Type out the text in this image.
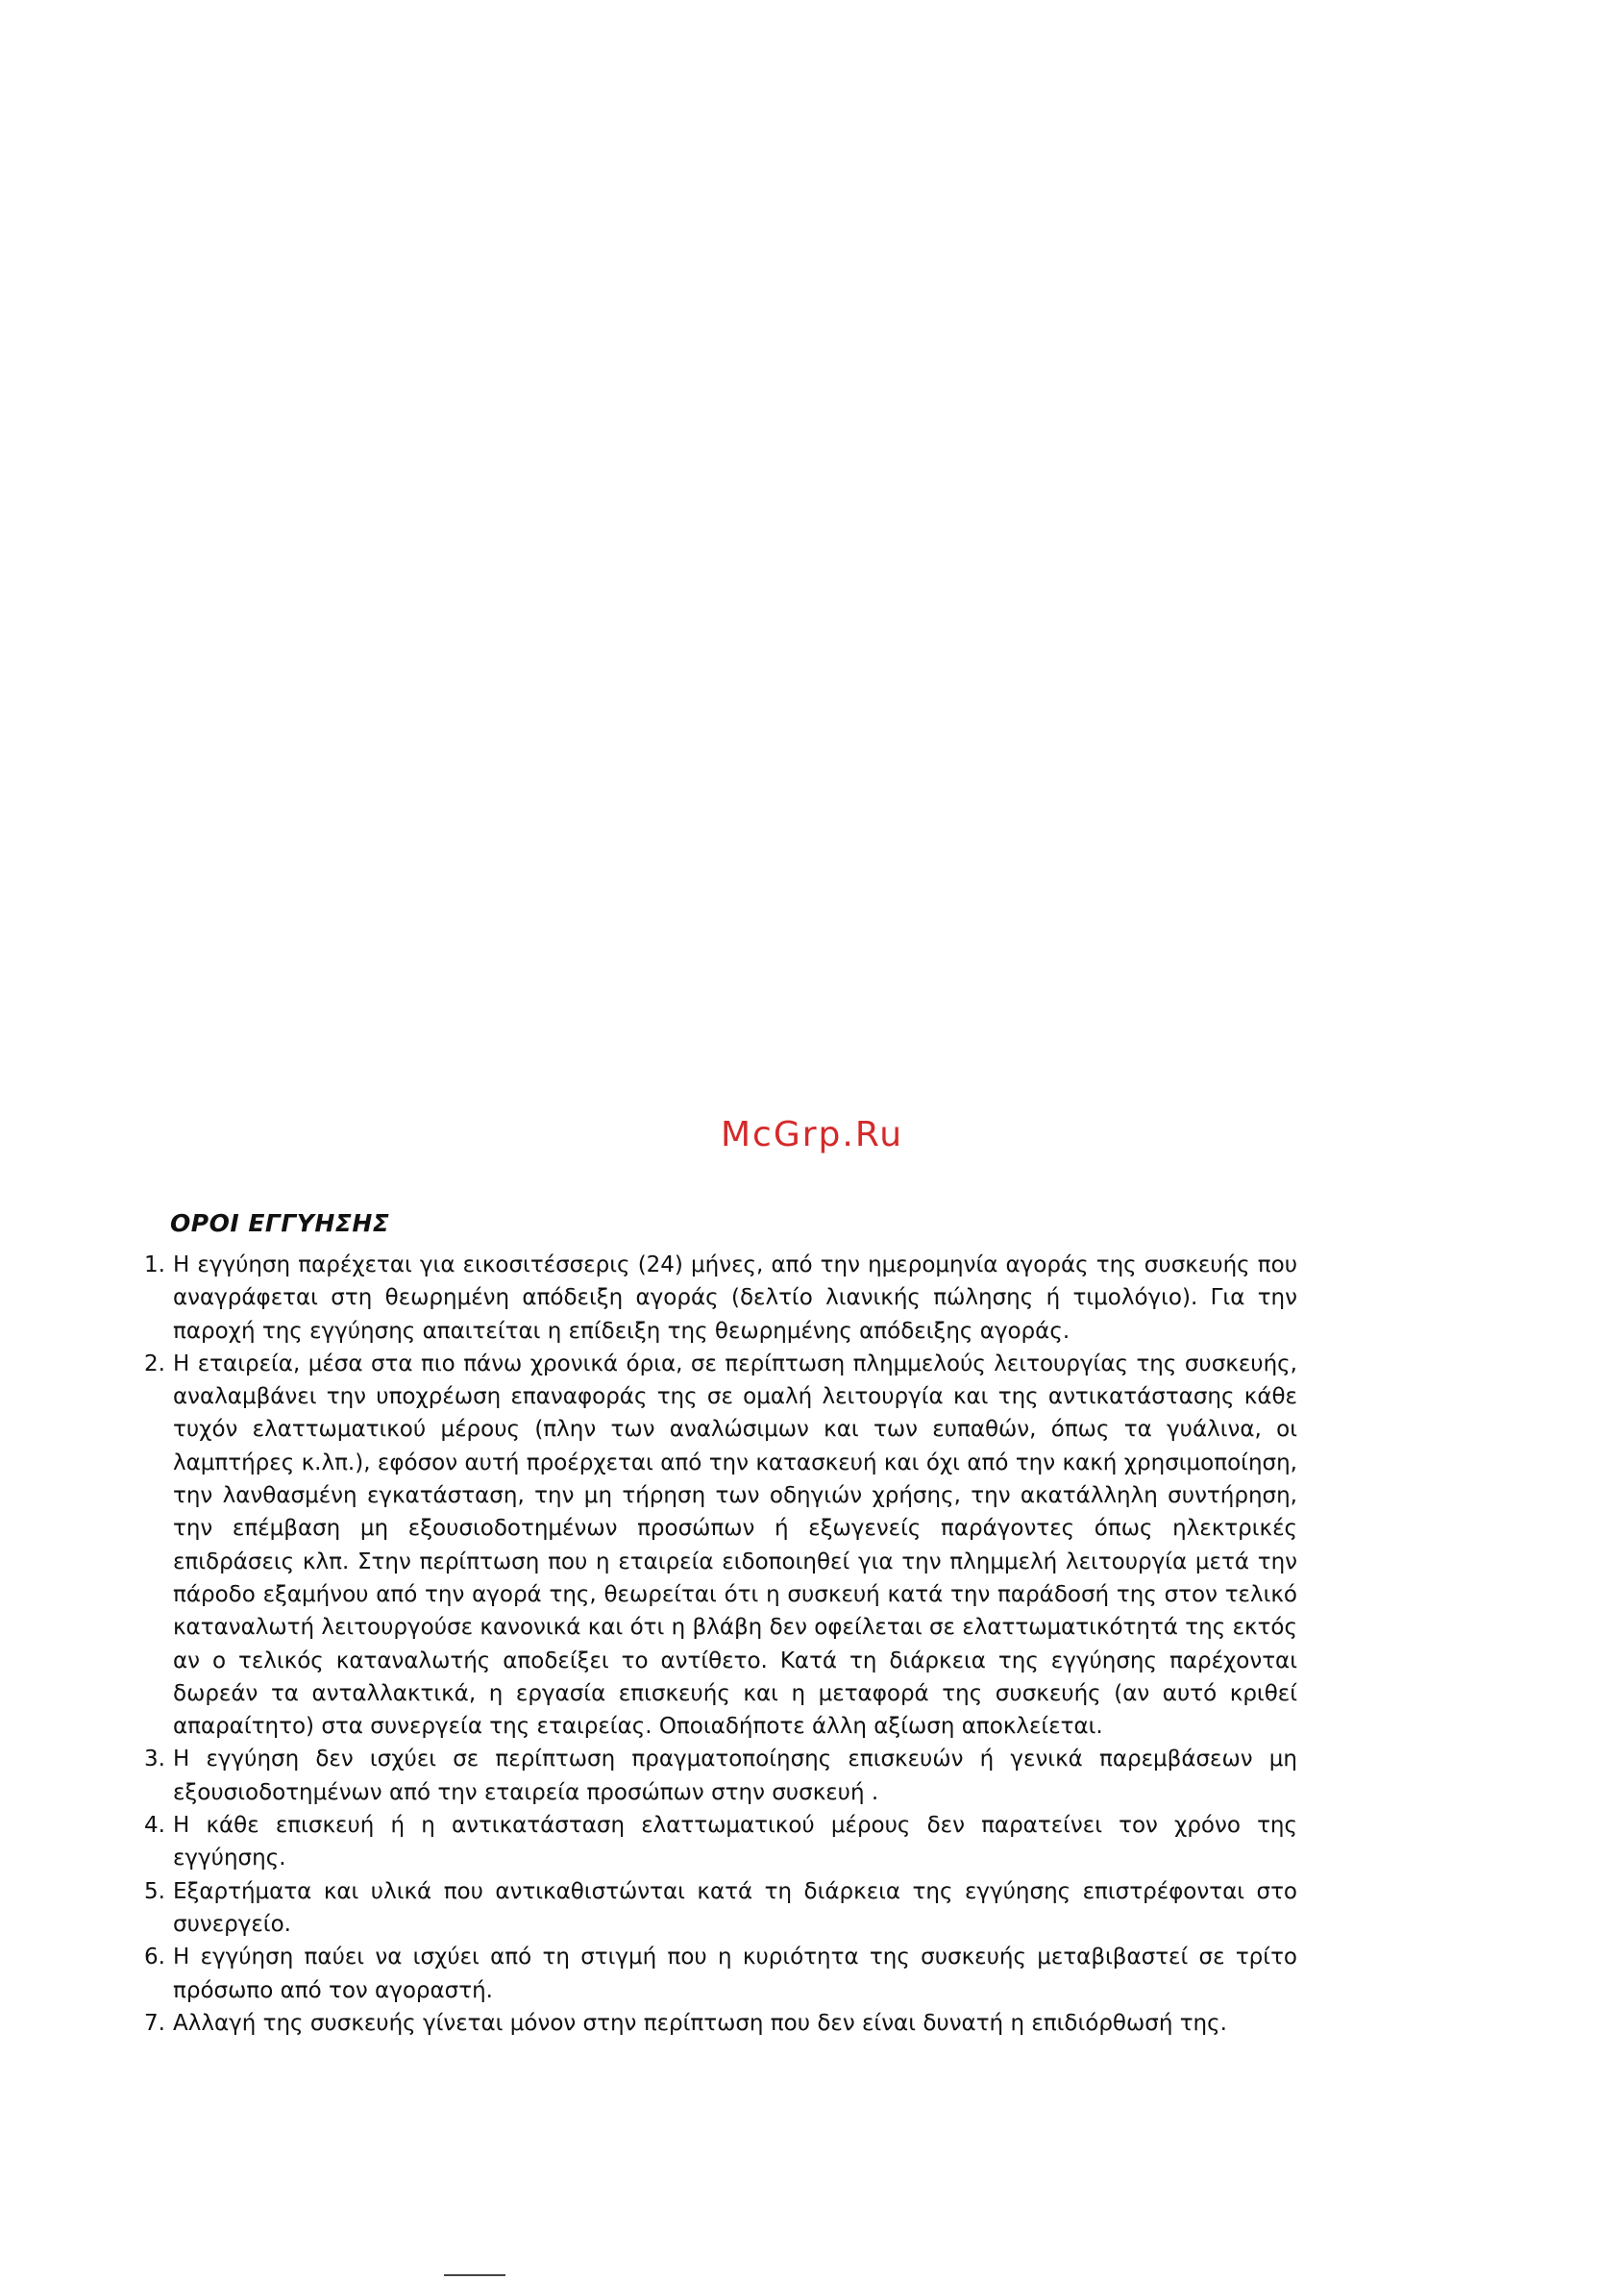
McGrp.Ru
ΟΡΟΙ ΕΓΓΥΗΣΗΣ
1. Η εγγύηση παρέχεται για εικοσιτέσσερις (24) μήνες, από την ημερομηνία αγοράς της συσκευής που αναγράφεται στη θεωρημένη απόδειξη αγοράς (δελτίο λιανικής πώλησης ή τιμολόγιο). Για την παροχή της εγγύησης απαιτείται η επίδειξη της θεωρημένης απόδειξης αγοράς.
2. Η εταιρεία, μέσα στα πιο πάνω χρονικά όρια, σε περίπτωση πλημμελούς λειτουργίας της συσκευής, αναλαμβάνει την υποχρέωση επαναφοράς της σε ομαλή λειτουργία και της αντικατάστασης κάθε τυχόν ελαττωματικού μέρους (πλην των αναλώσιμων και των ευπαθών, όπως τα γυάλινα, οι λαμπτήρες κ.λπ.), εφόσον αυτή προέρχεται από την κατασκευή και όχι από την κακή χρησιμοποίηση, την λανθασμένη εγκατάσταση, την μη τήρηση των οδηγιών χρήσης, την ακατάλληλη συντήρηση, την επέμβαση μη εξουσιοδοτημένων προσώπων ή εξωγενείς παράγοντες όπως ηλεκτρικές επιδράσεις κλπ. Στην περίπτωση που η εταιρεία ειδοποιηθεί για την πλημμελή λειτουργία μετά την πάροδο εξαμήνου από την αγορά της, θεωρείται ότι η συσκευή κατά την παράδοσή της στον τελικό καταναλωτή λειτουργούσε κανονικά και ότι η βλάβη δεν οφείλεται σε ελαττωματικότητά της εκτός αν ο τελικός καταναλωτής αποδείξει το αντίθετο. Κατά τη διάρκεια της εγγύησης παρέχονται δωρεάν τα ανταλλακτικά, η εργασία επισκευής και η μεταφορά της συσκευής (αν αυτό κριθεί απαραίτητο) στα συνεργεία της εταιρείας. Οποιαδήποτε άλλη αξίωση αποκλείεται.
3. Η εγγύηση δεν ισχύει σε περίπτωση πραγματοποίησης επισκευών ή γενικά παρεμβάσεων μη εξουσιοδοτημένων από την εταιρεία προσώπων στην συσκευή .
4. Η κάθε επισκευή ή η αντικατάσταση ελαττωματικού μέρους δεν παρατείνει τον χρόνο της εγγύησης.
5. Εξαρτήματα και υλικά που αντικαθιστώνται κατά τη διάρκεια της εγγύησης επιστρέφονται στο συνεργείο.
6. Η εγγύηση παύει να ισχύει από τη στιγμή που η κυριότητα της συσκευής μεταβιβαστεί σε τρίτο πρόσωπο από τον αγοραστή.
7. Αλλαγή της συσκευής γίνεται μόνον στην περίπτωση που δεν είναι δυνατή η επιδιόρθωσή της.
